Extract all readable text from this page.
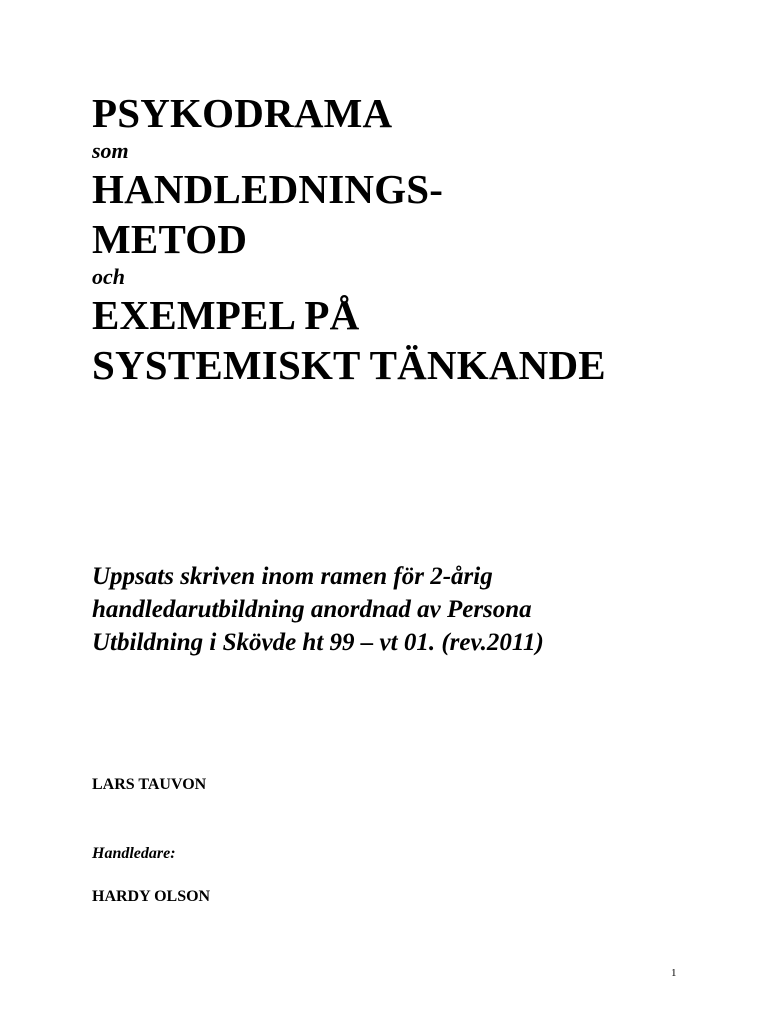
PSYKODRAMA
som
HANDLEDNINGS-
METOD
och
EXEMPEL PÅ
SYSTEMISKT TÄNKANDE
Uppsats skriven inom ramen för 2-årig
handledarutbildning anordnad av Persona
Utbildning i Skövde ht 99 – vt 01. (rev.2011)
LARS TAUVON
Handledare:
HARDY OLSON
1
